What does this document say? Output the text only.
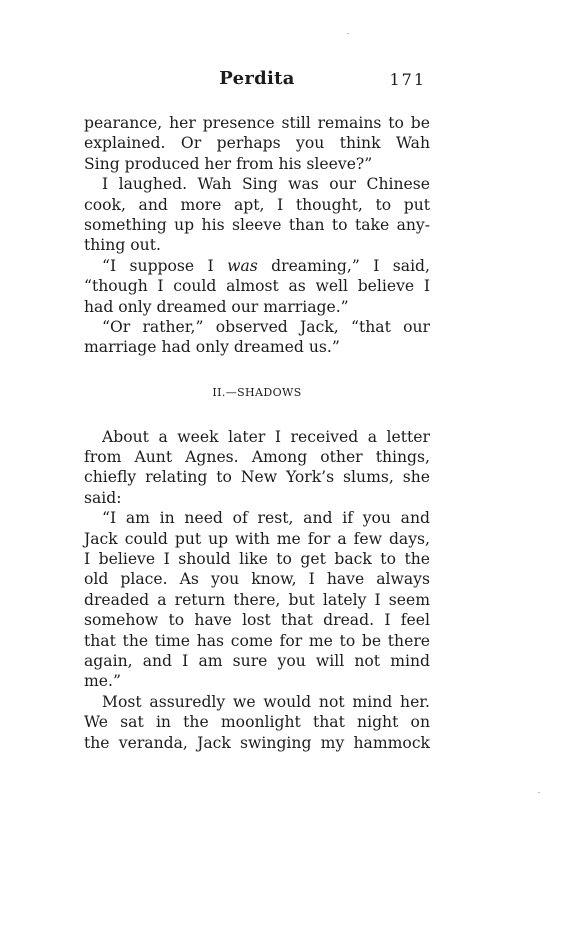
Perdita	171
pearance, her presence still remains to be
explained. Or perhaps you think Wah
Sing produced her from his sleeve?”
I laughed. Wah Sing was our Chinese
cook, and more apt, I thought, to put
something up his sleeve than to take any-
thing out.
“I suppose I was dreaming,” I said,
“though I could almost as well believe I
had only dreamed our marriage.”
“Or rather,” observed Jack, “that our
marriage had only dreamed us.”
II.—SHADOWS
About a week later I received a letter
from Aunt Agnes. Among other things,
chiefly relating to New York’s slums, she
said:
“I am in need of rest, and if you and
Jack could put up with me for a few days,
I believe I should like to get back to the
old place. As you know, I have always
dreaded a return there, but lately I seem
somehow to have lost that dread. I feel
that the time has come for me to be there
again, and I am sure you will not mind
me.”
Most assuredly we would not mind her.
We sat in the moonlight that night on
the veranda, Jack swinging my hammock
